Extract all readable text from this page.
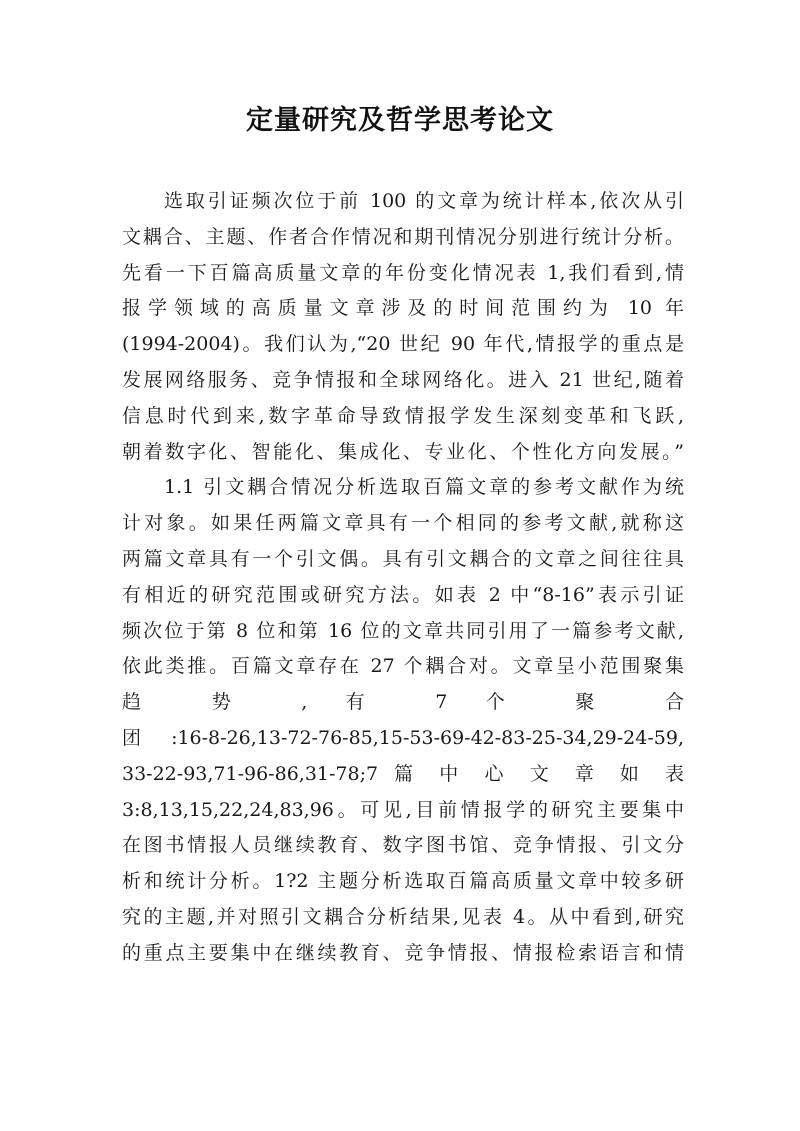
定量研究及哲学思考论文
选取引证频次位于前 100 的文章为统计样本,依次从引
文耦合、主题、作者合作情况和期刊情况分别进行统计分析。
先看一下百篇高质量文章的年份变化情况表 1,我们看到,情
报学领域的高质量文章涉及的时间范围约为 10 年
(1994-2004)。我们认为,“20 世纪 90 年代,情报学的重点是
发展网络服务、竞争情报和全球网络化。进入 21 世纪,随着
信息时代到来,数字革命导致情报学发生深刻变革和飞跃,
朝着数字化、智能化、集成化、专业化、个性化方向发展。”
1.1 引文耦合情况分析选取百篇文章的参考文献作为统
计对象。如果任两篇文章具有一个相同的参考文献,就称这
两篇文章具有一个引文偶。具有引文耦合的文章之间往往具
有相近的研究范围或研究方法。如表 2 中“8-16”表示引证
频次位于第 8 位和第 16 位的文章共同引用了一篇参考文献,
依此类推。百篇文章存在 27 个耦合对。文章呈小范围聚集
趋 势 , 有 7 个 聚 合
团:16-8-26,13-72-76-85,15-53-69-42-83-25-34,29-24-59,
33-22-93,71-96-86,31-78;7 篇 中 心 文 章 如 表
3:8,13,15,22,24,83,96。可见,目前情报学的研究主要集中
在图书情报人员继续教育、数字图书馆、竞争情报、引文分
析和统计分析。1?2 主题分析选取百篇高质量文章中较多研
究的主题,并对照引文耦合分析结果,见表 4。从中看到,研究
的重点主要集中在继续教育、竞争情报、情报检索语言和情
